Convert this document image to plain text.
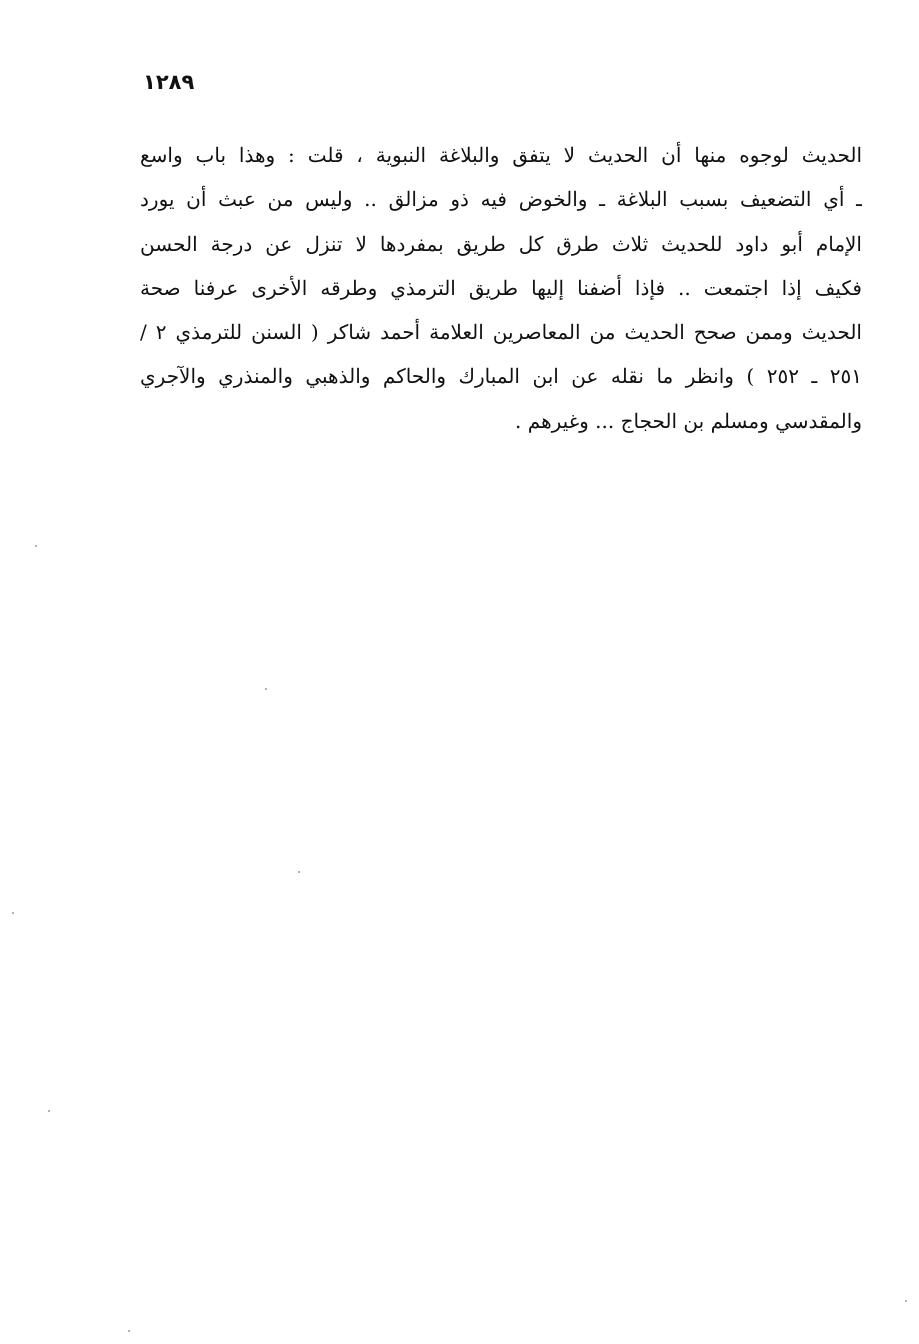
١٢٨٩
الحديث لوجوه منها أن الحديث لا يتفق والبلاغة النبوية ، قلت : وهذا باب واسع
ـ أي التضعيف بسبب البلاغة ـ والخوض فيه ذو مزالق .. وليس من عبث أن يورد
الإمام أبو داود للحديث ثلاث طرق كل طريق بمفردها لا تنزل عن درجة الحسن
فكيف إذا اجتمعت .. فإذا أضفنا إليها طريق الترمذي وطرقه الأخرى عرفنا صحة
الحديث وممن صحح الحديث من المعاصرين العلامة أحمد شاكر ( السنن للترمذي ٢ /
٢٥١ ـ ٢٥٢ ) وانظر ما نقله عن ابن المبارك والحاكم والذهبي والمنذري والآجري
والمقدسي ومسلم بن الحجاج ... وغيرهم .
